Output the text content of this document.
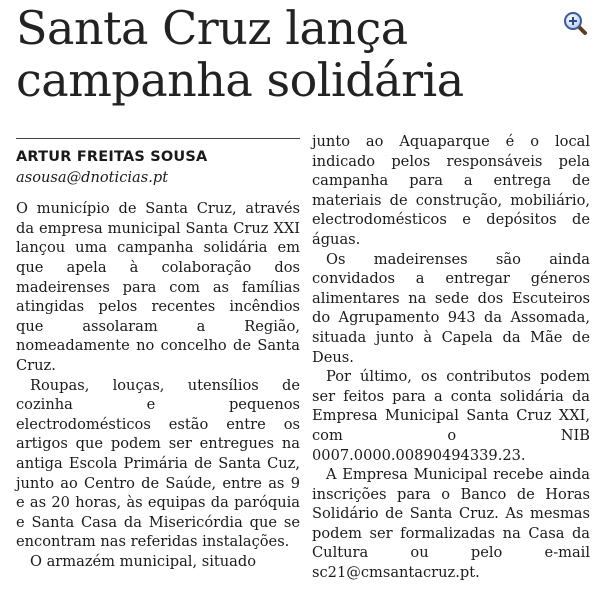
Santa Cruz lança
campanha solidária
ARTUR FREITAS SOUSA
asousa@dnoticias.pt

O município de Santa Cruz, através da empresa municipal Santa Cruz XXI lançou uma campanha solidária em que apela à colaboração dos madeirenses para com as famílias atingidas pelos recentes incêndios que assolaram a Região, nomeadamente no concelho de Santa Cruz.

Roupas, louças, utensílios de cozinha e pequenos electrodomésticos estão entre os artigos que podem ser entregues na antiga Escola Primária de Santa Cuz, junto ao Centro de Saúde, entre as 9 e as 20 horas, às equipas da paróquia e Santa Casa da Misericórdia que se encontram nas referidas instalações.

O armazém municipal, situado

junto ao Aquaparque é o local indicado pelos responsáveis pela campanha para a entrega de materiais de construção, mobiliário, electrodomésticos e depósitos de águas.

Os madeirenses são ainda convidados a entregar géneros alimentares na sede dos Escuteiros do Agrupamento 943 da Assomada, situada junto à Capela da Mãe de Deus.

Por último, os contributos podem ser feitos para a conta solidária da Empresa Municipal Santa Cruz XXI, com o NIB 0007.0000.00890494339.23.

A Empresa Municipal recebe ainda inscrições para o Banco de Horas Solidário de Santa Cruz. As mesmas podem ser formalizadas na Casa da Cultura ou pelo e-mail sc21@cmsantacruz.pt.
